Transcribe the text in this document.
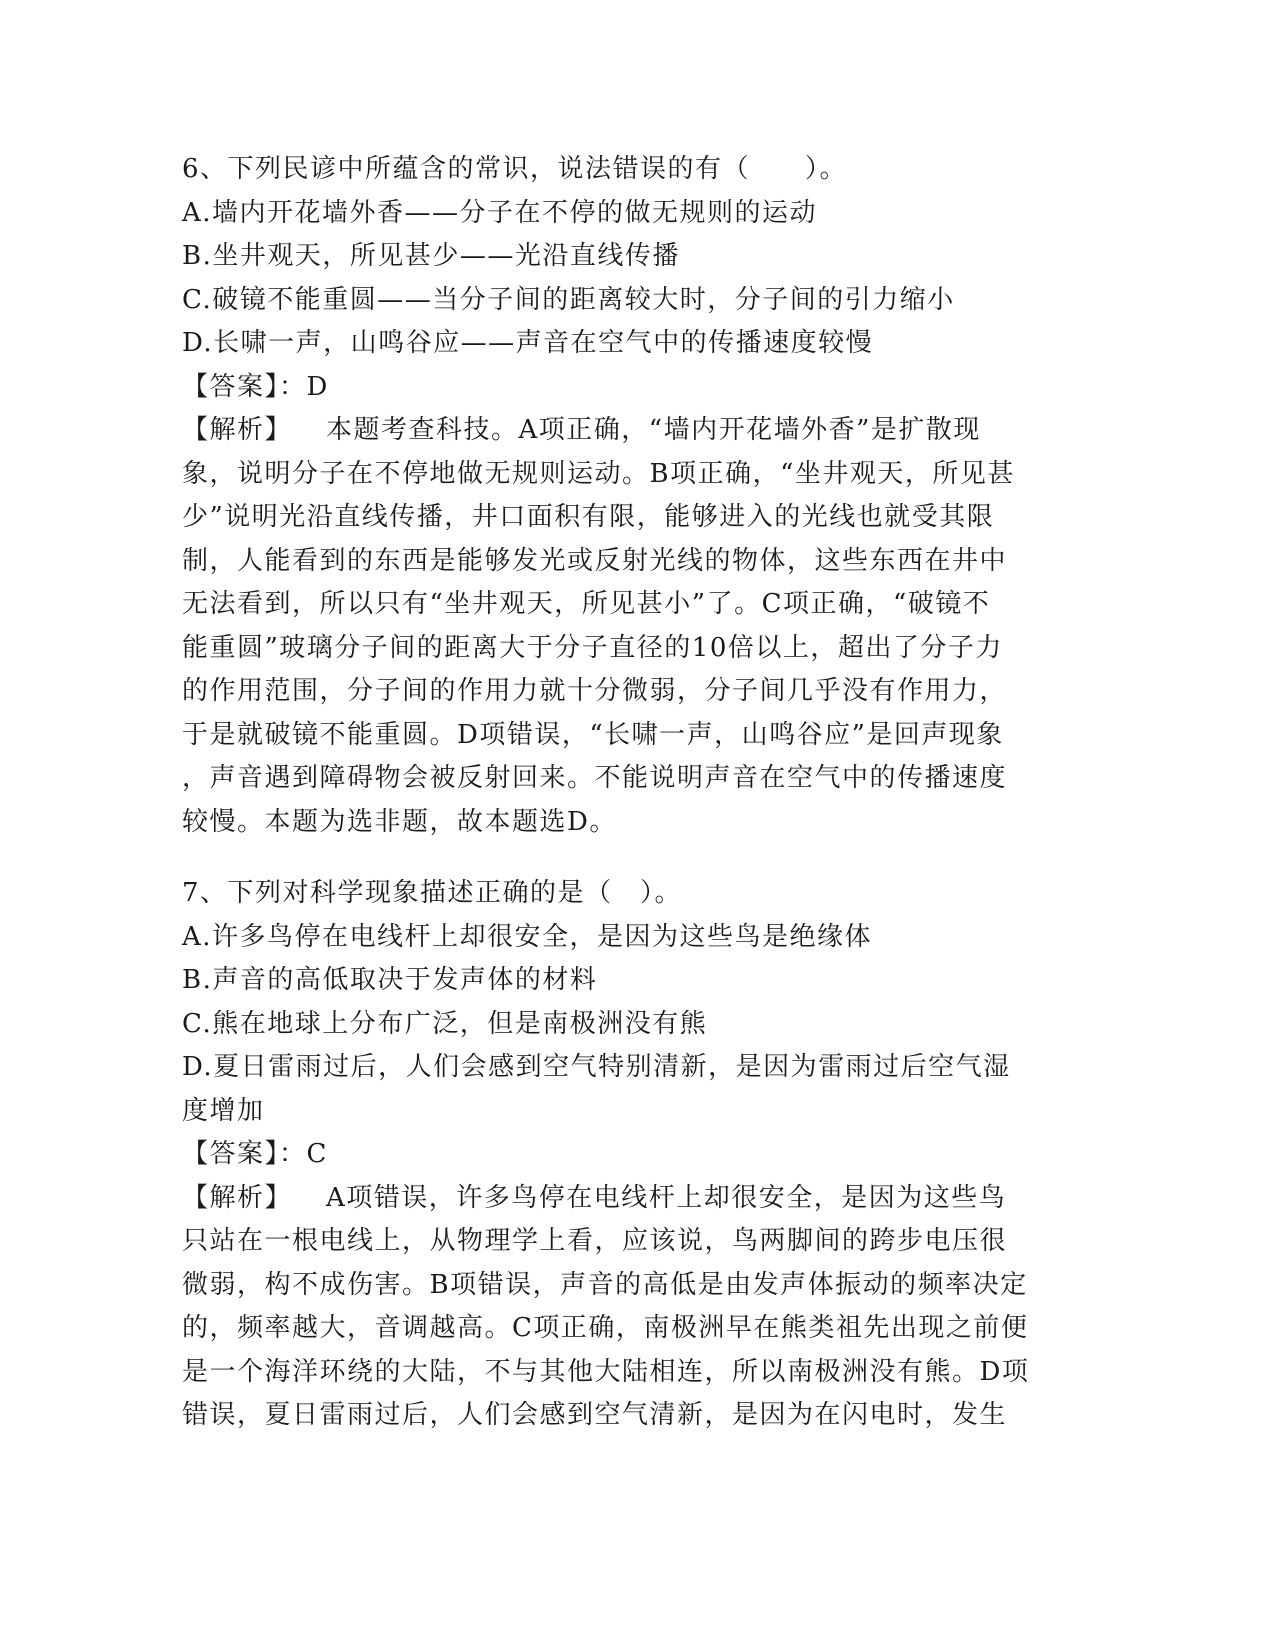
6、下列民谚中所蕴含的常识，说法错误的有（　　）。
A.墙内开花墙外香——分子在不停的做无规则的运动
B.坐井观天，所见甚少——光沿直线传播
C.破镜不能重圆——当分子间的距离较大时，分子间的引力缩小
D.长啸一声，山鸣谷应——声音在空气中的传播速度较慢
【答案】：D
【解析】 本题考查科技。A项正确，“墙内开花墙外香”是扩散现
象，说明分子在不停地做无规则运动。B项正确，“坐井观天，所见甚
少”说明光沿直线传播，井口面积有限，能够进入的光线也就受其限
制，人能看到的东西是能够发光或反射光线的物体，这些东西在井中
无法看到，所以只有“坐井观天，所见甚小”了。C项正确，“破镜不
能重圆”玻璃分子间的距离大于分子直径的10倍以上，超出了分子力
的作用范围，分子间的作用力就十分微弱，分子间几乎没有作用力，
于是就破镜不能重圆。D项错误，“长啸一声，山鸣谷应”是回声现象
，声音遇到障碍物会被反射回来。不能说明声音在空气中的传播速度
较慢。本题为选非题，故本题选D。
7、下列对科学现象描述正确的是（　）。
A.许多鸟停在电线杆上却很安全，是因为这些鸟是绝缘体
B.声音的高低取决于发声体的材料
C.熊在地球上分布广泛，但是南极洲没有熊
D.夏日雷雨过后，人们会感到空气特别清新，是因为雷雨过后空气湿
度增加
【答案】：C
【解析】 A项错误，许多鸟停在电线杆上却很安全，是因为这些鸟
只站在一根电线上，从物理学上看，应该说，鸟两脚间的跨步电压很
微弱，构不成伤害。B项错误，声音的高低是由发声体振动的频率决定
的，频率越大，音调越高。C项正确，南极洲早在熊类祖先出现之前便
是一个海洋环绕的大陆，不与其他大陆相连，所以南极洲没有熊。D项
错误，夏日雷雨过后，人们会感到空气清新，是因为在闪电时，发生
